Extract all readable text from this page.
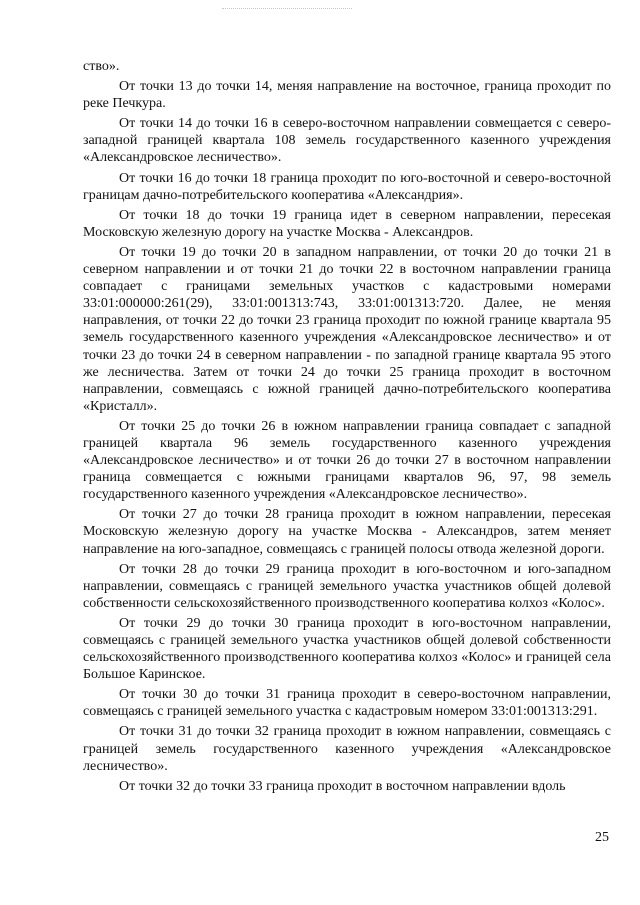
ство».

От точки 13 до точки 14, меняя направление на восточное, граница проходит по реке Печкура.

От точки 14 до точки 16 в северо-восточном направлении совмещается с северо-западной границей квартала 108 земель государственного казенного учреждения «Александровское лесничество».

От точки 16 до точки 18 граница проходит по юго-восточной и северо-восточной границам дачно-потребительского кооператива «Александрия».

От точки 18 до точки 19 граница идет в северном направлении, пересекая Московскую железную дорогу на участке Москва - Александров.

От точки 19 до точки 20 в западном направлении, от точки 20 до точки 21 в северном направлении и от точки 21 до точки 22 в восточном направлении граница совпадает с границами земельных участков с кадастровыми номерами 33:01:000000:261(29), 33:01:001313:743, 33:01:001313:720. Далее, не меняя направления, от точки 22 до точки 23 граница проходит по южной границе квартала 95 земель государственного казенного учреждения «Александровское лесничество» и от точки 23 до точки 24 в северном направлении - по западной границе квартала 95 этого же лесничества. Затем от точки 24 до точки 25 граница проходит в восточном направлении, совмещаясь с южной границей дачно-потребительского кооператива «Кристалл».

От точки 25 до точки 26 в южном направлении граница совпадает с западной границей квартала 96 земель государственного казенного учреждения «Александровское лесничество» и от точки 26 до точки 27 в восточном направлении граница совмещается с южными границами кварталов 96, 97, 98 земель государственного казенного учреждения «Александровское лесничество».

От точки 27 до точки 28 граница проходит в южном направлении, пересекая Московскую железную дорогу на участке Москва - Александров, затем меняет направление на юго-западное, совмещаясь с границей полосы отвода железной дороги.

От точки 28 до точки 29 граница проходит в юго-восточном и юго-западном направлении, совмещаясь с границей земельного участка участников общей долевой собственности сельскохозяйственного производственного кооператива колхоз «Колос».

От точки 29 до точки 30 граница проходит в юго-восточном направлении, совмещаясь с границей земельного участка участников общей долевой собственности сельскохозяйственного производственного кооператива колхоз «Колос» и границей села Большое Каринское.

От точки 30 до точки 31 граница проходит в северо-восточном направлении, совмещаясь с границей земельного участка с кадастровым номером 33:01:001313:291.

От точки 31 до точки 32 граница проходит в южном направлении, совмещаясь с границей земель государственного казенного учреждения «Александровское лесничество».

От точки 32 до точки 33 граница проходит в восточном направлении вдоль

25
